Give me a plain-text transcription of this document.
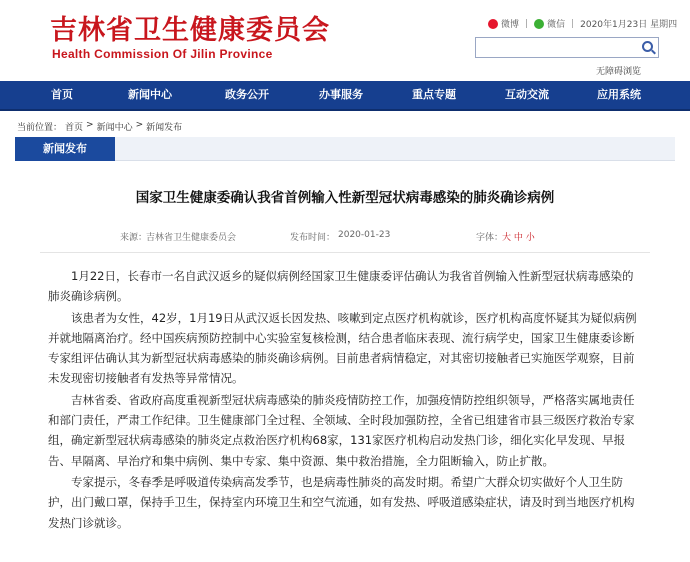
吉林省卫生健康委员会
Health Commission Of Jilin Province
微博 | 微信 | 2020年1月23日 星期四
无障碍浏览
首页	新闻中心	政务公开	办事服务	重点专题	互动交流	应用系统
当前位置： 首页 > 新闻中心 > 新闻发布
新闻发布
国家卫生健康委确认我省首例输入性新型冠状病毒感染的肺炎确诊病例
来源：
吉林省卫生健康委员会	发布时间： 2020-01-23	字体：
大 中 小

1月22日，长春市一名自武汉返乡的疑似病例经国家卫生健康委评估确认为我省首例输入性新型冠状病毒感染的肺炎确诊病例。

该患者为女性，42岁，1月19日从武汉返长因发热、咳嗽到定点医疗机构就诊，医疗机构高度怀疑其为疑似病例并就地隔离治疗。经中国疾病预防控制中心实验室复核检测，结合患者临床表现、流行病学史，国家卫生健康委诊断专家组评估确认其为新型冠状病毒感染的肺炎确诊病例。目前患者病情稳定，对其密切接触者已实施医学观察，目前未发现密切接触者有发热等异常情况。

吉林省委、省政府高度重视新型冠状病毒感染的肺炎疫情防控工作，加强疫情防控组织领导，严格落实属地责任和部门责任，严肃工作纪律。卫生健康部门全过程、全领域、全时段加强防控，全省已组建省市县三级医疗救治专家组，确定新型冠状病毒感染的肺炎定点救治医疗机构68家，131家医疗机构启动发热门诊，细化实化早发现、早报告、早隔离、早治疗和集中病例、集中专家、集中资源、集中救治措施，全力阻断输入，防止扩散。

专家提示，冬春季是呼吸道传染病高发季节，也是病毒性肺炎的高发时期。希望广大群众切实做好个人卫生防护，出门戴口罩，保持手卫生，保持室内环境卫生和空气流通，如有发热、呼吸道感染症状，请及时到当地医疗机构发热门诊就诊。
